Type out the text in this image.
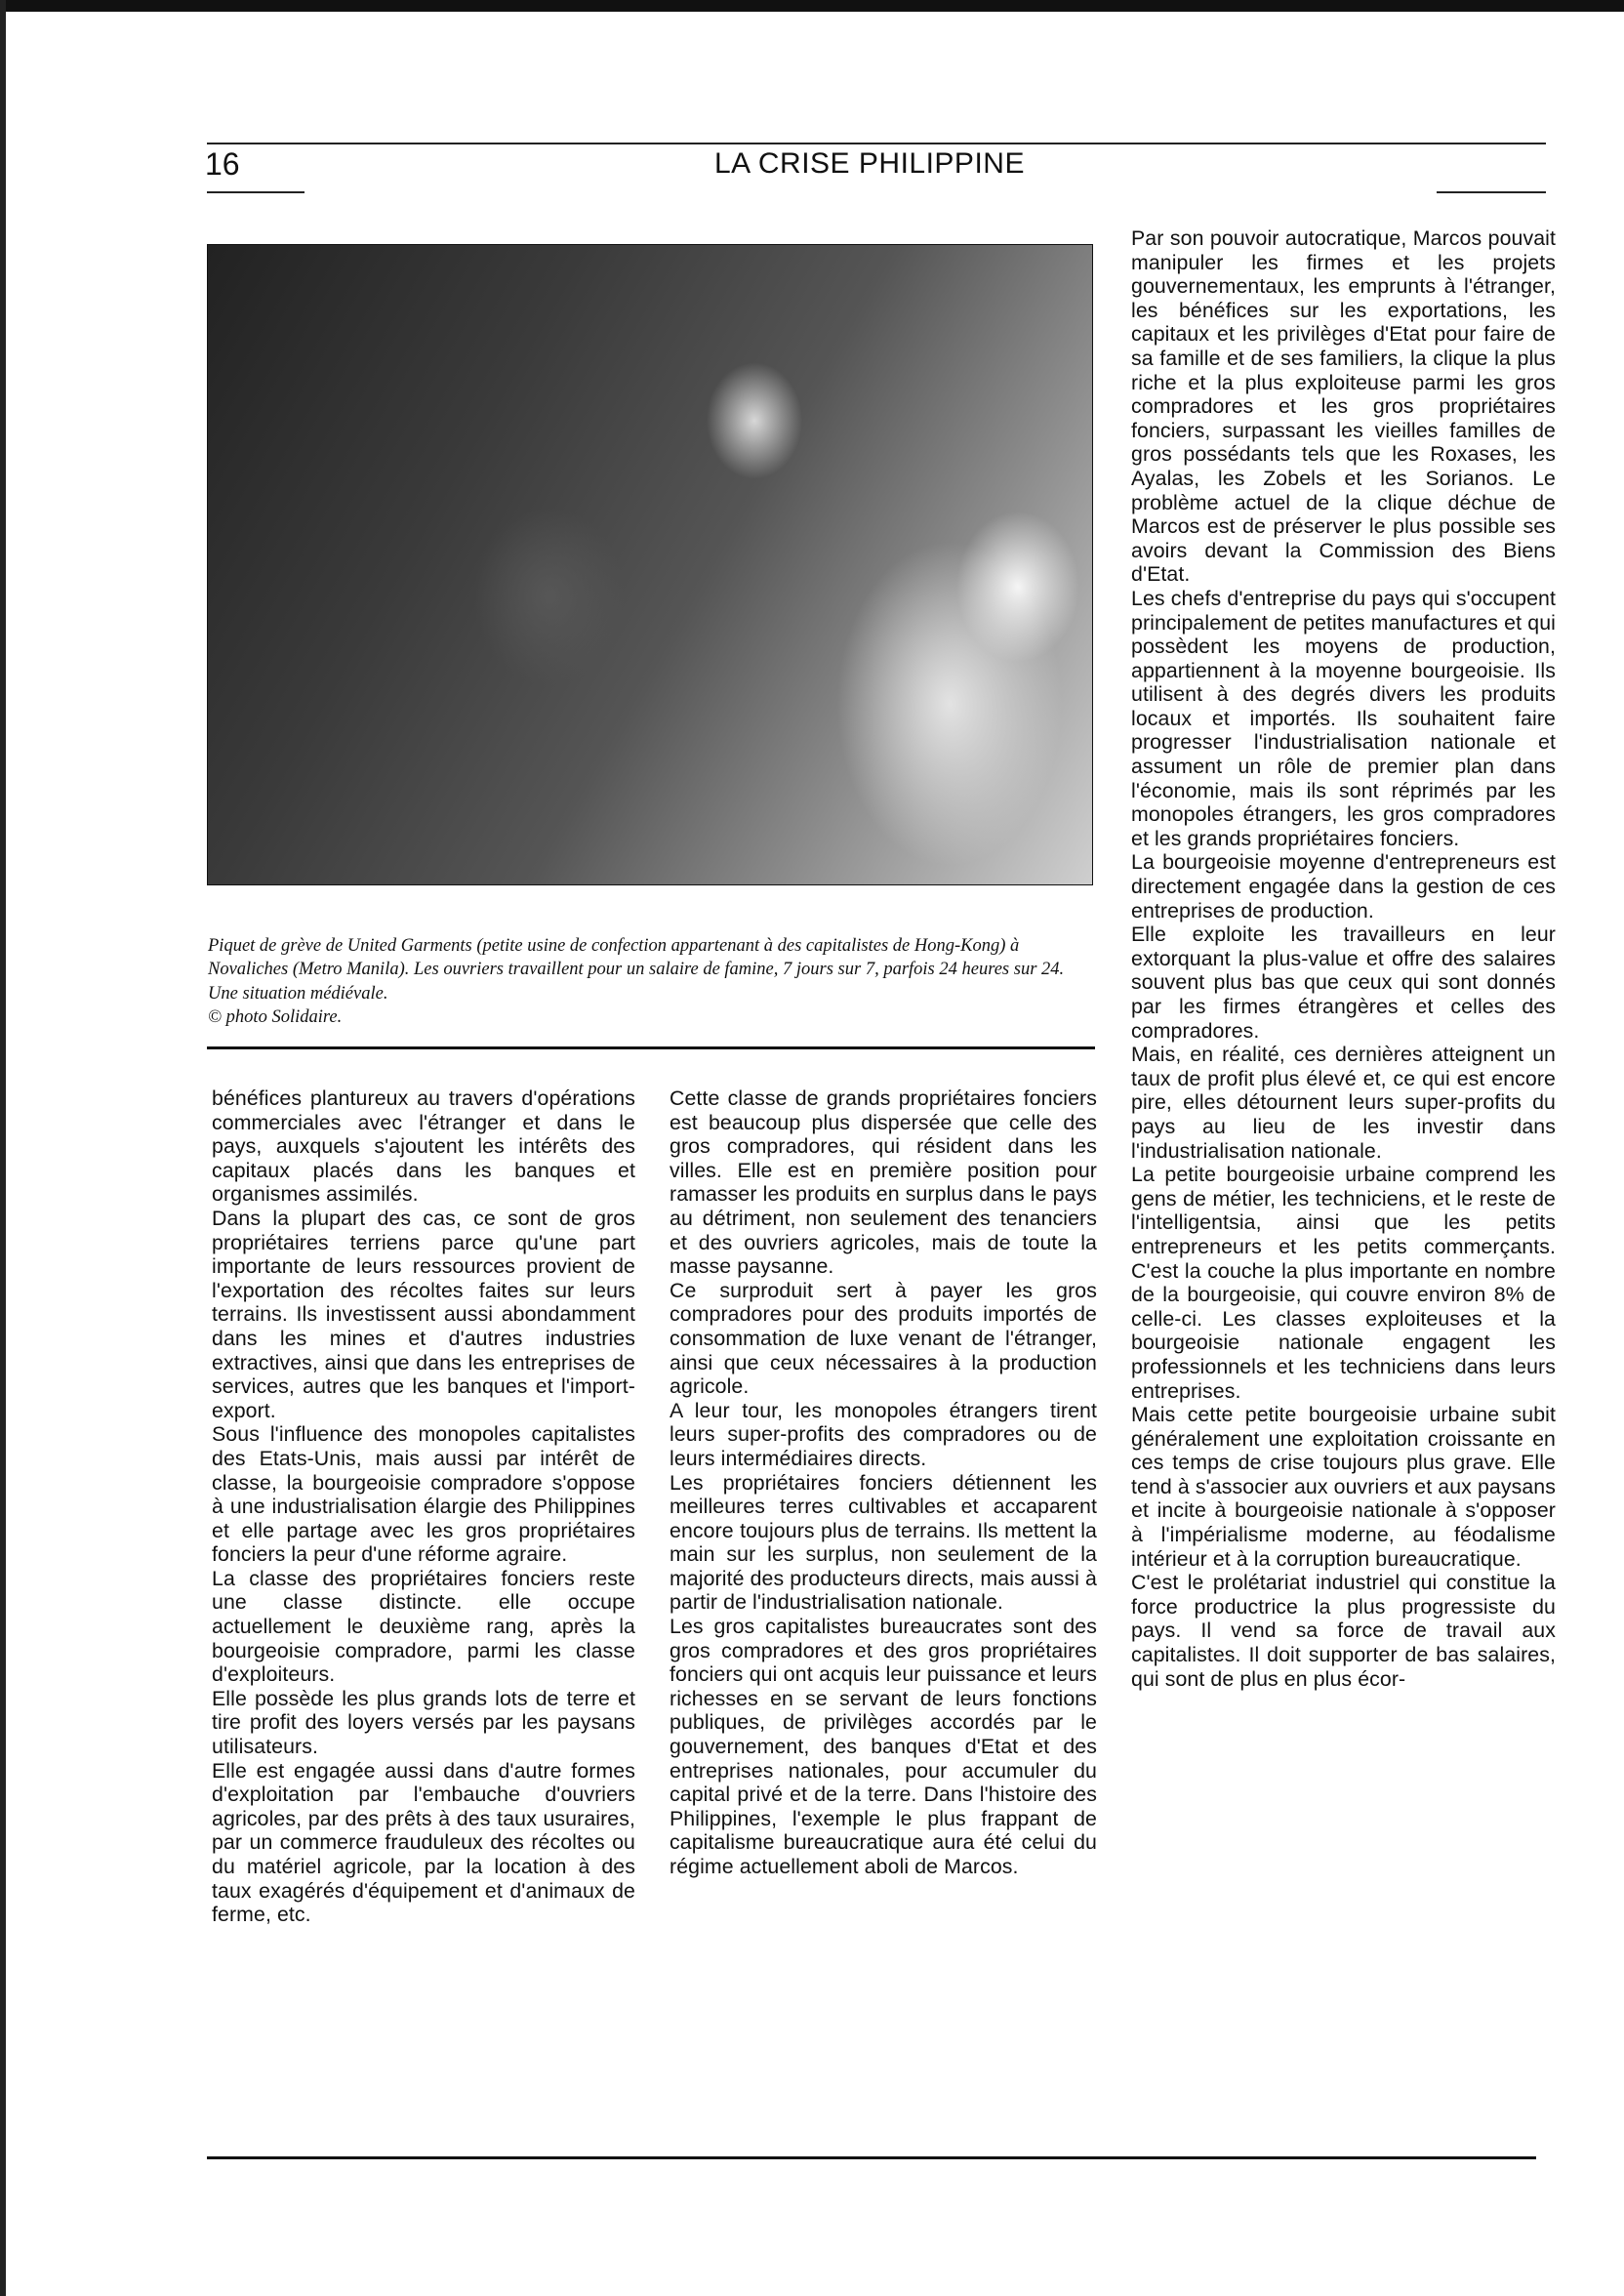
16	LA CRISE PHILIPPINE
Piquet de grève de United Garments (petite usine de confection appartenant à des capitalistes de Hong-Kong) à Novaliches (Metro Manila). Les ouvriers travaillent pour un salaire de famine, 7 jours sur 7, parfois 24 heures sur 24. Une situation médiévale.
© photo Solidaire.

bénéfices plantureux au travers d'opérations commerciales avec l'étranger et dans le pays, auxquels s'ajoutent les intérêts des capitaux placés dans les banques et organismes assimilés.

Dans la plupart des cas, ce sont de gros propriétaires terriens parce qu'une part importante de leurs ressources provient de l'exportation des récoltes faites sur leurs terrains. Ils investissent aussi abondamment dans les mines et d'autres industries extractives, ainsi que dans les entreprises de services, autres que les banques et l'import-export.

Sous l'influence des monopoles capitalistes des Etats-Unis, mais aussi par intérêt de classe, la bourgeoisie compradore s'oppose à une industrialisation élargie des Philippines et elle partage avec les gros propriétaires fonciers la peur d'une réforme agraire.

La classe des propriétaires fonciers reste une classe distincte. elle occupe actuellement le deuxième rang, après la bourgeoisie compradore, parmi les classe d'exploiteurs.

Elle possède les plus grands lots de terre et tire profit des loyers versés par les paysans utilisateurs.

Elle est engagée aussi dans d'autre formes d'exploitation par l'embauche d'ouvriers agricoles, par des prêts à des taux usuraires, par un commerce frauduleux des récoltes ou du matériel agricole, par la location à des taux exagérés d'équipement et d'animaux de ferme, etc.

Cette classe de grands propriétaires fonciers est beaucoup plus dispersée que celle des gros compradores, qui résident dans les villes. Elle est en première position pour ramasser les produits en surplus dans le pays au détriment, non seulement des tenanciers et des ouvriers agricoles, mais de toute la masse paysanne.

Ce surproduit sert à payer les gros compradores pour des produits importés de consommation de luxe venant de l'étranger, ainsi que ceux nécessaires à la production agricole.

A leur tour, les monopoles étrangers tirent leurs super-profits des compradores ou de leurs intermédiaires directs.

Les propriétaires fonciers détiennent les meilleures terres cultivables et accaparent encore toujours plus de terrains. Ils mettent la main sur les surplus, non seulement de la majorité des producteurs directs, mais aussi à partir de l'industrialisation nationale.

Les gros capitalistes bureaucrates sont des gros compradores et des gros propriétaires fonciers qui ont acquis leur puissance et leurs richesses en se servant de leurs fonctions publiques, de privilèges accordés par le gouvernement, des banques d'Etat et des entreprises nationales, pour accumuler du capital privé et de la terre. Dans l'histoire des Philippines, l'exemple le plus frappant de capitalisme bureaucratique aura été celui du régime actuellement aboli de Marcos.

Par son pouvoir autocratique, Marcos pouvait manipuler les firmes et les projets gouvernementaux, les emprunts à l'étranger, les bénéfices sur les exportations, les capitaux et les privilèges d'Etat pour faire de sa famille et de ses familiers, la clique la plus riche et la plus exploiteuse parmi les gros compradores et les gros propriétaires fonciers, surpassant les vieilles familles de gros possédants tels que les Roxases, les Ayalas, les Zobels et les Sorianos. Le problème actuel de la clique déchue de Marcos est de préserver le plus possible ses avoirs devant la Commission des Biens d'Etat.

Les chefs d'entreprise du pays qui s'occupent principalement de petites manufactures et qui possèdent les moyens de production, appartiennent à la moyenne bourgeoisie. Ils utilisent à des degrés divers les produits locaux et importés. Ils souhaitent faire progresser l'industrialisation nationale et assument un rôle de premier plan dans l'économie, mais ils sont réprimés par les monopoles étrangers, les gros compradores et les grands propriétaires fonciers.

La bourgeoisie moyenne d'entrepreneurs est directement engagée dans la gestion de ces entreprises de production.

Elle exploite les travailleurs en leur extorquant la plus-value et offre des salaires souvent plus bas que ceux qui sont donnés par les firmes étrangères et celles des compradores.

Mais, en réalité, ces dernières atteignent un taux de profit plus élevé et, ce qui est encore pire, elles détournent leurs super-profits du pays au lieu de les investir dans l'industrialisation nationale.

La petite bourgeoisie urbaine comprend les gens de métier, les techniciens, et le reste de l'intelligentsia, ainsi que les petits entrepreneurs et les petits commerçants. C'est la couche la plus importante en nombre de la bourgeoisie, qui couvre environ 8% de celle-ci. Les classes exploiteuses et la bourgeoisie nationale engagent les professionnels et les techniciens dans leurs entreprises.

Mais cette petite bourgeoisie urbaine subit généralement une exploitation croissante en ces temps de crise toujours plus grave. Elle tend à s'associer aux ouvriers et aux paysans et incite à bourgeoisie nationale à s'opposer à l'impérialisme moderne, au féodalisme intérieur et à la corruption bureaucratique.

C'est le prolétariat industriel qui constitue la force productrice la plus progressiste du pays. Il vend sa force de travail aux capitalistes. Il doit supporter de bas salaires, qui sont de plus en plus écor-
